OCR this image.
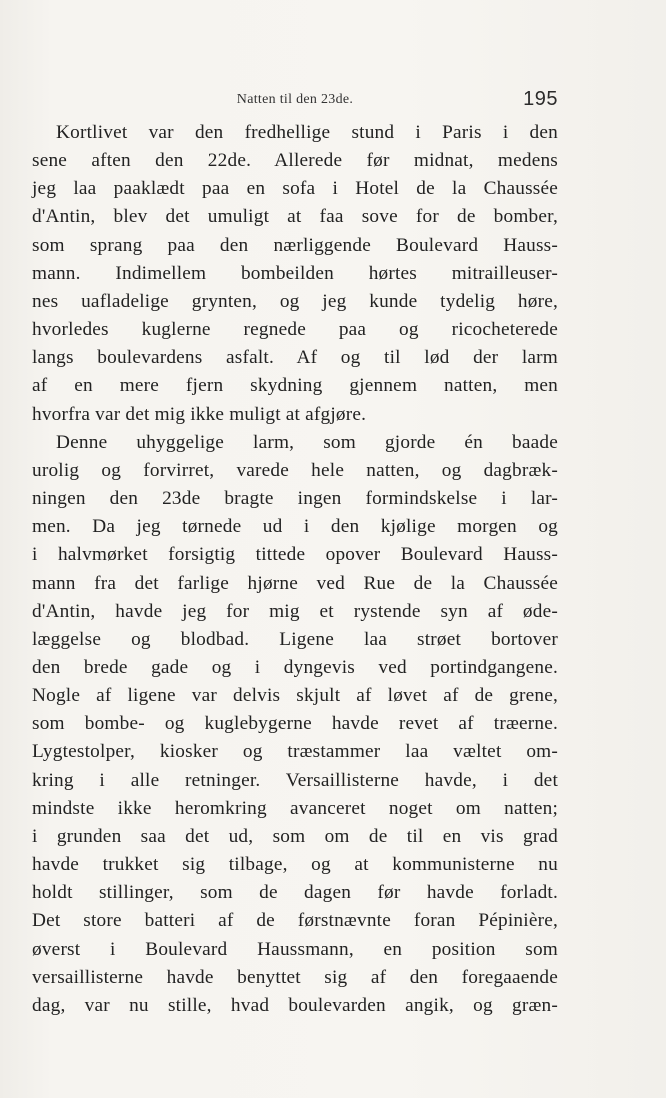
Natten til den 23de.	195
Kortlivet var den fredhellige stund i Paris i den
sene aften den 22de. Allerede før midnat, medens
jeg laa paaklædt paa en sofa i Hotel de la Chaussée
d'Antin, blev det umuligt at faa sove for de bomber,
som sprang paa den nærliggende Boulevard Hauss-
mann. Indimellem bombeilden hørtes mitrailleuser-
nes uafladelige grynten, og jeg kunde tydelig høre,
hvorledes kuglerne regnede paa og ricocheterede
langs boulevardens asfalt. Af og til lød der larm
af en mere fjern skydning gjennem natten, men
hvorfra var det mig ikke muligt at afgjøre.
Denne uhyggelige larm, som gjorde én baade
urolig og forvirret, varede hele natten, og dagbræk-
ningen den 23de bragte ingen formindskelse i lar-
men. Da jeg tørnede ud i den kjølige morgen og
i halvmørket forsigtig tittede opover Boulevard Hauss-
mann fra det farlige hjørne ved Rue de la Chaussée
d'Antin, havde jeg for mig et rystende syn af øde-
læggelse og blodbad. Ligene laa strøet bortover
den brede gade og i dyngevis ved portindgangene.
Nogle af ligene var delvis skjult af løvet af de grene,
som bombe- og kuglebygerne havde revet af træerne.
Lygtestolper, kiosker og træstammer laa væltet om-
kring i alle retninger. Versaillisterne havde, i det
mindste ikke heromkring avanceret noget om natten;
i grunden saa det ud, som om de til en vis grad
havde trukket sig tilbage, og at kommunisterne nu
holdt stillinger, som de dagen før havde forladt.
Det store batteri af de førstnævnte foran Pépinière,
øverst i Boulevard Haussmann, en position som
versaillisterne havde benyttet sig af den foregaaende
dag, var nu stille, hvad boulevarden angik, og græn-
